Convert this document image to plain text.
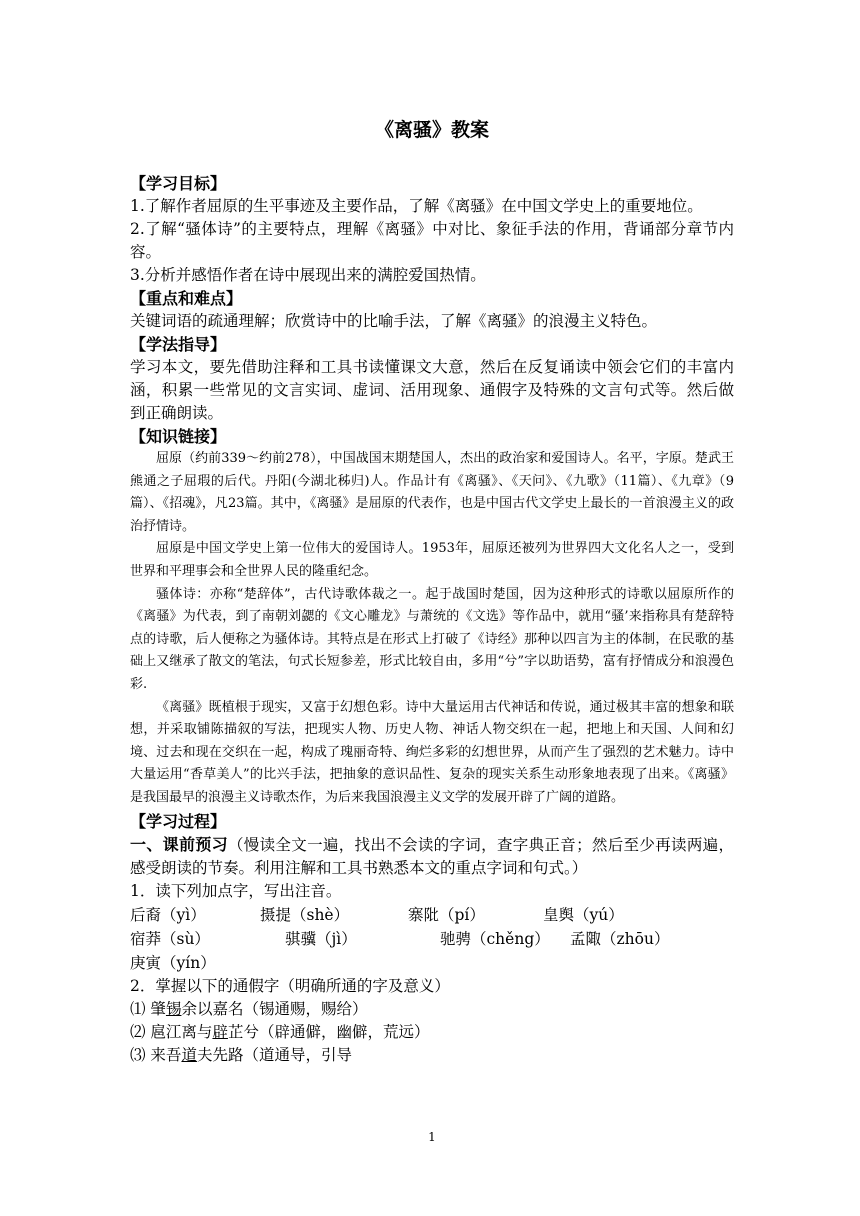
《离骚》教案
【学习目标】
1.了解作者屈原的生平事迹及主要作品，了解《离骚》在中国文学史上的重要地位。
2.了解“骚体诗”的主要特点，理解《离骚》中对比、象征手法的作用，背诵部分章节内容。
3.分析并感悟作者在诗中展现出来的满腔爱国热情。
【重点和难点】
关键词语的疏通理解；欣赏诗中的比喻手法，了解《离骚》的浪漫主义特色。
【学法指导】
学习本文，要先借助注释和工具书读懂课文大意，然后在反复诵读中领会它们的丰富内涵，积累一些常见的文言实词、虚词、活用现象、通假字及特殊的文言句式等。然后做到正确朗读。
【知识链接】

屈原（约前339～约前278），中国战国末期楚国人，杰出的政治家和爱国诗人。名平，字原。楚武王熊通之子屈瑕的后代。丹阳(今湖北秭归)人。作品计有《离骚》、《天问》、《九歌》（11篇）、《九章》（9篇）、《招魂》，凡23篇。其中，《离骚》是屈原的代表作，也是中国古代文学史上最长的一首浪漫主义的政治抒情诗。

屈原是中国文学史上第一位伟大的爱国诗人。1953年，屈原还被列为世界四大文化名人之一，受到世界和平理事会和全世界人民的隆重纪念。

骚体诗：亦称“楚辞体”，古代诗歌体裁之一。起于战国时楚国，因为这种形式的诗歌以屈原所作的《离骚》为代表，到了南朝刘勰的《文心雕龙》与萧统的《文选》等作品中，就用“骚’来指称具有楚辞特点的诗歌，后人便称之为骚体诗。其特点是在形式上打破了《诗经》那种以四言为主的体制，在民歌的基础上又继承了散文的笔法，句式长短参差，形式比较自由，多用“兮”字以助语势，富有抒情成分和浪漫色彩.

《离骚》既植根于现实，又富于幻想色彩。诗中大量运用古代神话和传说，通过极其丰富的想象和联想，并采取铺陈描叙的写法，把现实人物、历史人物、神话人物交织在一起，把地上和天国、人间和幻境、过去和现在交织在一起，构成了瑰丽奇特、绚烂多彩的幻想世界，从而产生了强烈的艺术魅力。诗中大量运用“香草美人”的比兴手法，把抽象的意识品性、复杂的现实关系生动形象地表现了出来。《离骚》是我国最早的浪漫主义诗歌杰作，为后来我国浪漫主义文学的发展开辟了广阔的道路。

【学习过程】
一、课前预习（慢读全文一遍，找出不会读的字词，查字典正音；然后至少再读两遍，感受朗读的节奏。利用注解和工具书熟悉本文的重点字词和句式。）
1．读下列加点字，写出注音。
后裔（yì）	摄提（shè）	寨阰（pí）	皇舆（yú）
宿莽（sù）	骐骥（jì）	驰骋（chěng） 孟陬（zhōu）
庚寅（yín）
2．掌握以下的通假字（明确所通的字及意义）
⑴ 肇锡余以嘉名（锡通赐，赐给）
⑵ 扈江离与辟芷兮（辟通僻，幽僻，荒远）
⑶ 来吾道夫先路（道通导，引导
1
